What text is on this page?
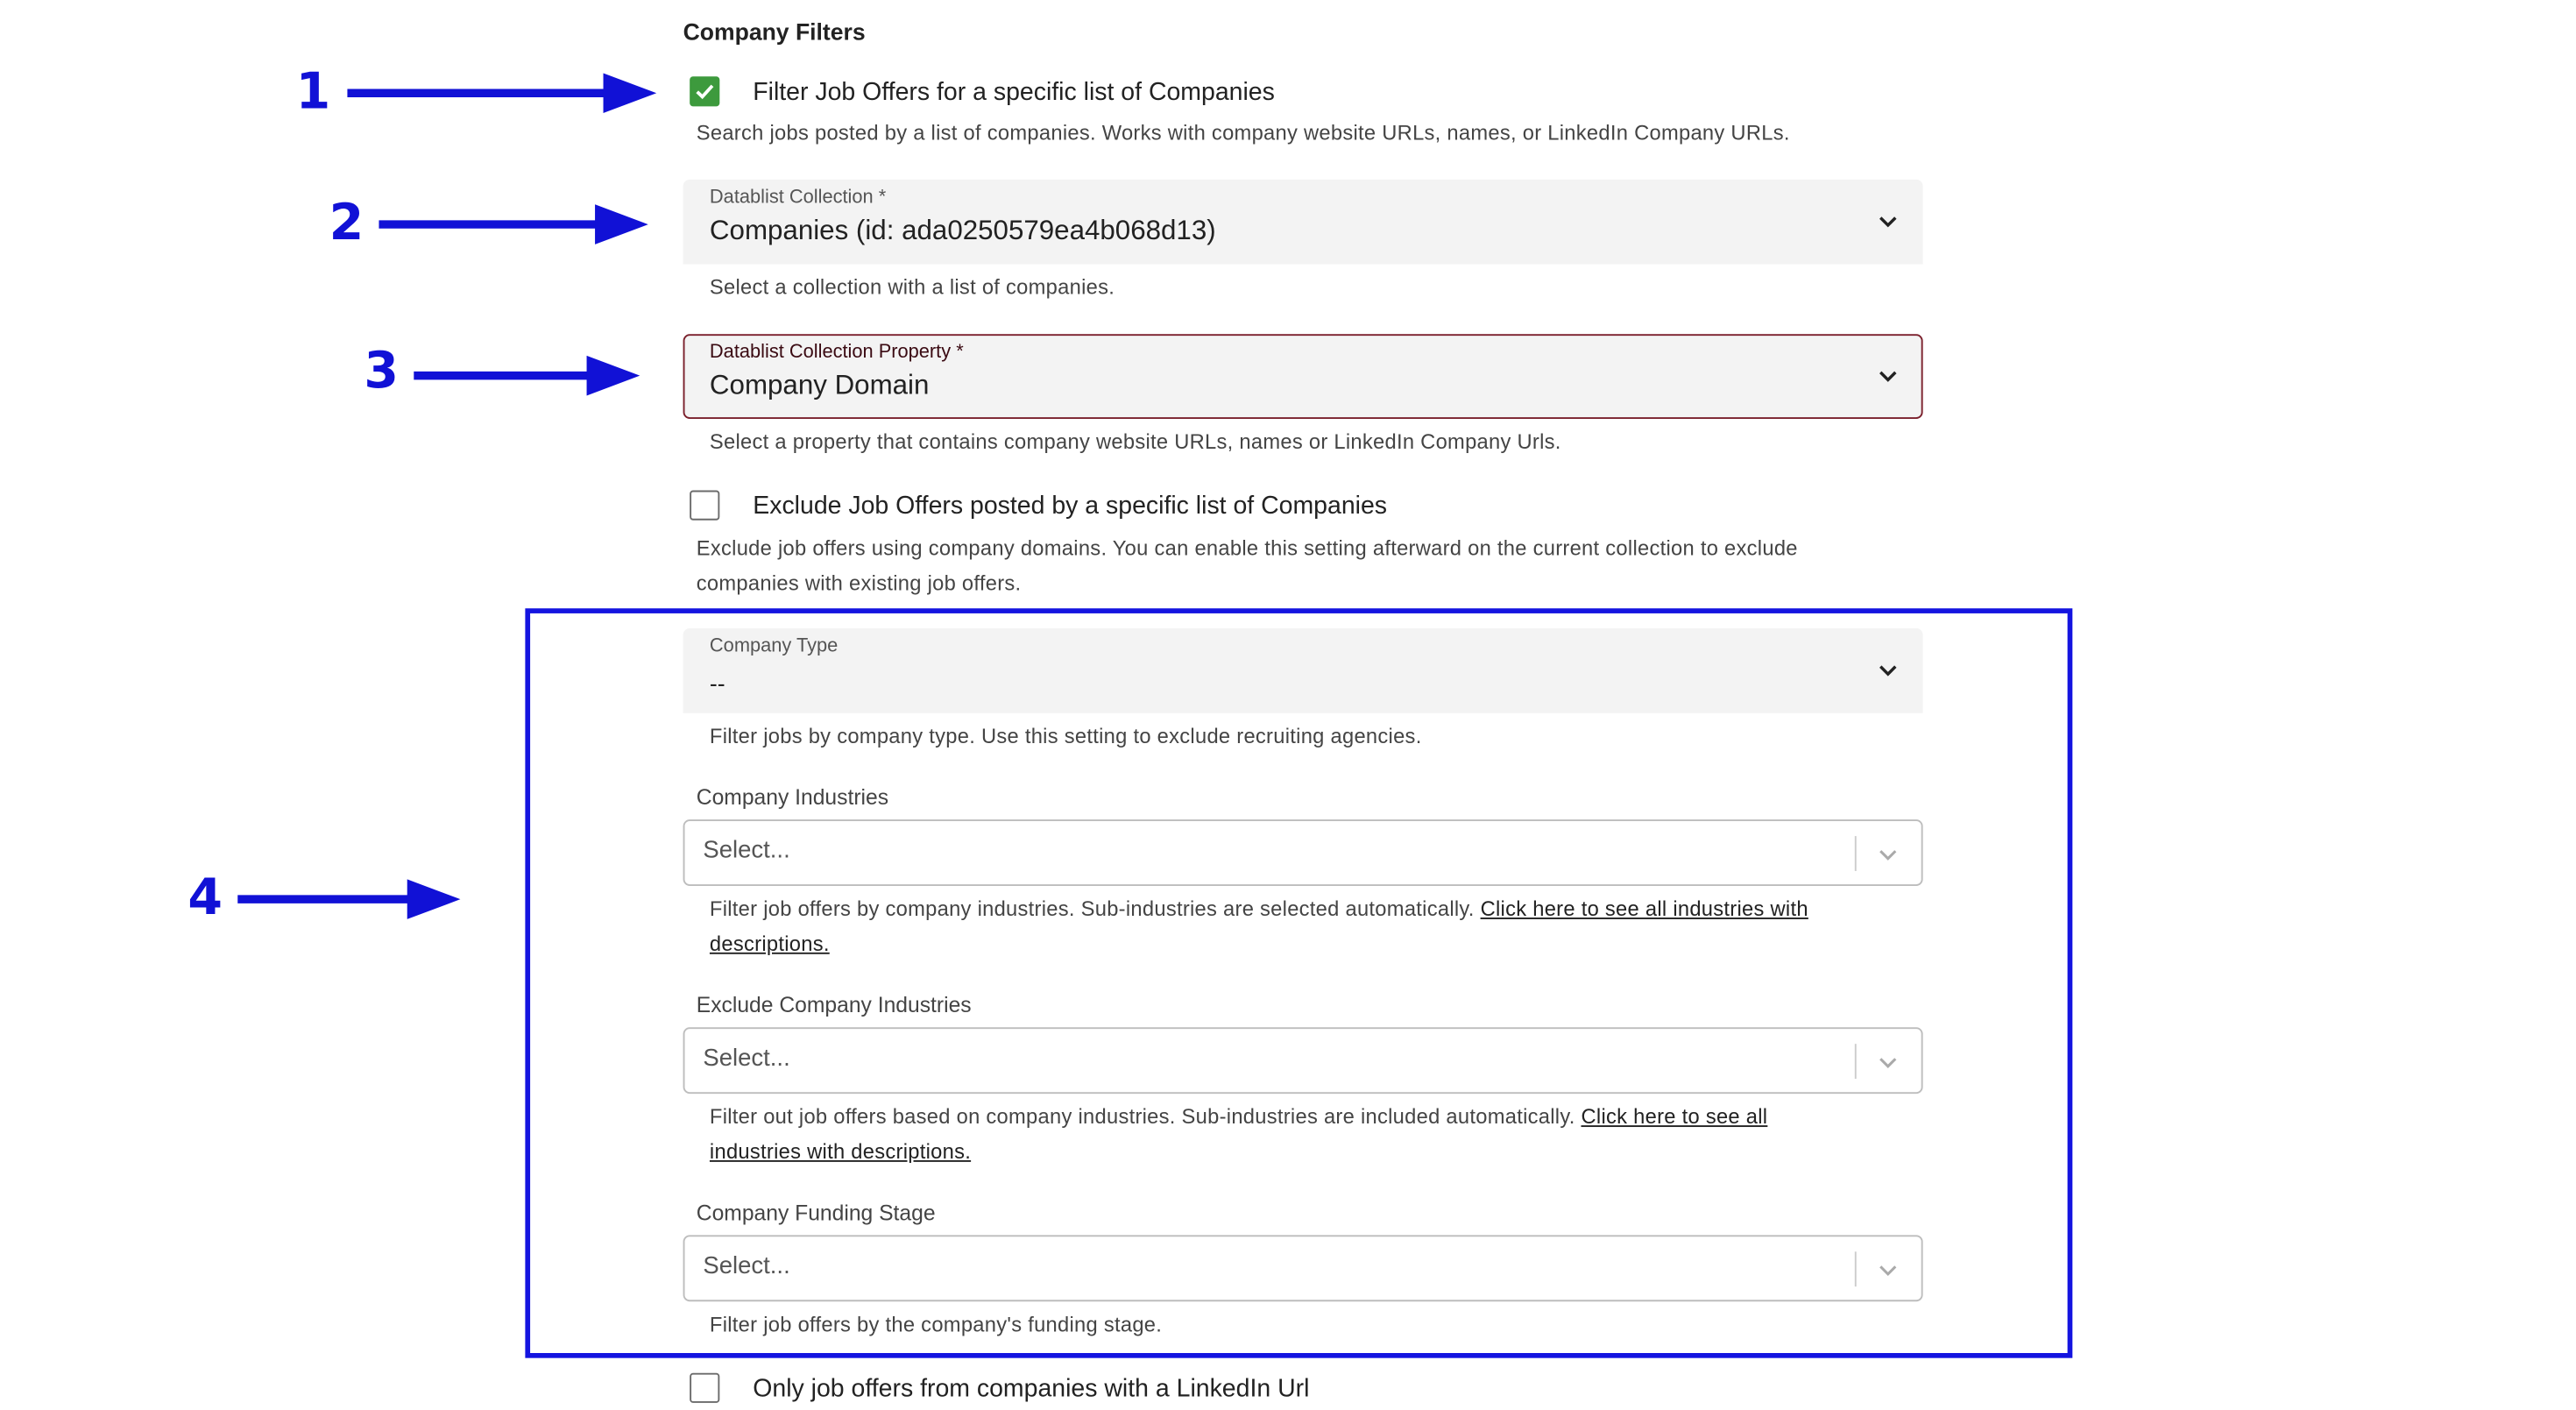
Company Filters
Filter Job Offers for a specific list of Companies
Search jobs posted by a list of companies. Works with company website URLs, names, or LinkedIn Company URLs.
Datablist Collection *
Companies (id: ada0250579ea4b068d13)
Select a collection with a list of companies.
Datablist Collection Property *
Company Domain
Select a property that contains company website URLs, names or LinkedIn Company Urls.
Exclude Job Offers posted by a specific list of Companies
Exclude job offers using company domains. You can enable this setting afterward on the current collection to exclude
companies with existing job offers.
Company Type
--
Filter jobs by company type. Use this setting to exclude recruiting agencies.
Company Industries
Select...
Filter job offers by company industries. Sub-industries are selected automatically. Click here to see all industries with
descriptions.
Exclude Company Industries
Select...
Filter out job offers based on company industries. Sub-industries are included automatically. Click here to see all
industries with descriptions.
Company Funding Stage
Select...
Filter job offers by the company's funding stage.
Only job offers from companies with a LinkedIn Url
1
2
3
4
